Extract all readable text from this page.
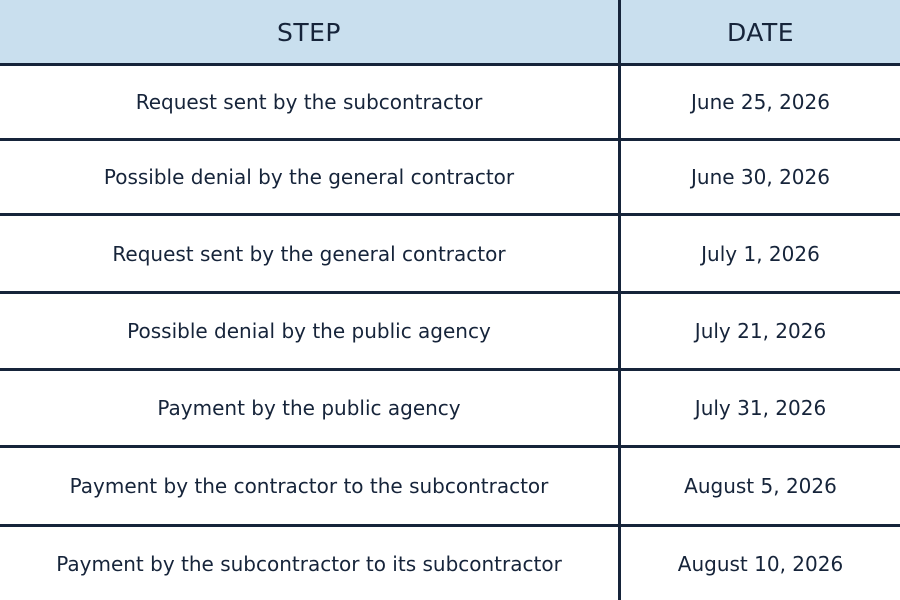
STEP	DATE
Request sent by the subcontractor	June 25, 2026
Possible denial by the general contractor	June 30, 2026
Request sent by the general contractor	July 1, 2026
Possible denial by the public agency	July 21, 2026
Payment by the public agency	July 31, 2026
Payment by the contractor to the subcontractor	August 5, 2026
Payment by the subcontractor to its subcontractor	August 10, 2026
